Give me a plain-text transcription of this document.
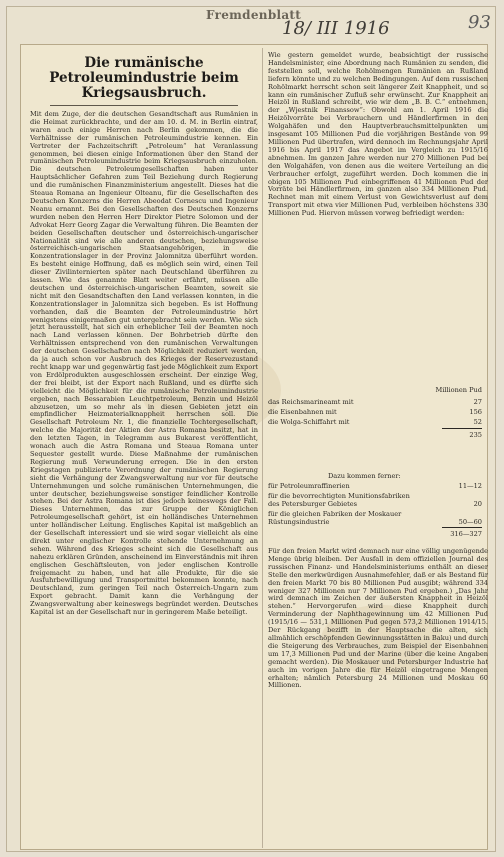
Fremdenblatt
18/ III 1916	93
Die rumänische Petroleumindustrie beim Kriegsausbruch.

Mit dem Zuge, der die deutschen Gesandtschaft aus Rumänien in die Heimat zurückbrachte, und der am 10. d. M. in Berlin eintraf, waren auch einige Herren nach Berlin gekommen, die die Verhältnisse der rumänischen Petroleumindustrie kennen. Ein Vertreter der Fachzeitschrift „Petroleum“ hat Veranlassung genommen, bei diesen einige Informationen über den Stand der rumänischen Petroleumindustrie beim Kriegsausbruch einzuholen. Die deutschen Petroleumgesellschaften haben unter Hauptsächlicher Gefahren zum Teil Beziehung durch Regierung und die rumänischen Finanzministerium angestellt. Dieses hat die Steaua Romana an Ingenieur Olteanu, für die Gesellschaften des Deutschen Konzerns die Herren Abeodat Cornescu und Ingenieur Neanu ernannt. Bei den Gesellschaften des Deutschen Konzerns wurden neben den Herren Herr Direktor Pietre Solomon und der Advokat Herr Georg Zagar die Verwaltung führen. Die Beamten der beiden Gesellschaften deutscher und österreichisch-ungarischer Nationalität sind wie alle anderen deutschen, beziehungsweise österreichisch-ungarischen Staatsangehörigen, in die Konzentrationslager in der Provinz Jalomnitza überführt worden. Es besteht einige Hoffnung, daß es möglich sein wird, einen Teil dieser Zivilinternierten später nach Deutschland überführen zu lassen. Wie das genannte Blatt weiter erfährt, müssen alle deutschen und österreichisch-ungarischen Beamten, soweit sie nicht mit den Gesandtschaften den Land verlassen konnten, in die Konzentrationslager in Jalomnitza sich begeben. Es ist Hoffnung vorhanden, daß die Beamten der Petroleumindustrie hört wenigstens einigermaßen gut untergebracht sein werden. Wie sich jetzt herausstellt, hat sich ein erheblicher Teil der Beamten noch nach Land verlassen können. Der Bohrbetrieb dürfte den Verhältnissen entsprechend von den rumänischen Verwaltungen der deutschen Gesellschaften nach Möglichkeit reduziert werden, da ja auch schon vor Ausbruch des Krieges der Reservezustand recht knapp war und gegenwärtig fast jede Möglichkeit zum Export von Erdölprodukten ausgeschlossen erscheint. Der einzige Weg, der frei bleibt, ist der Export nach Rußland, und es dürfte sich vielleicht die Möglichkeit für die rumänische Petroleumindustrie ergeben, nach Bessarabien Leuchtpetroleum, Benzin und Heizöl abzusetzen, um so mehr als in diesen Gebieten jetzt ein empfindlicher Heizmaterialknappheit herrschen soll. Die Gesellschaft Petroleum Nr. 1, die finanzielle Tochtergesellschaft, welche die Majorität der Aktien der Astra Romana besitzt, hat in den letzten Tagen, in Telegramm aus Bukarest veröffentlicht, wonach auch die Astra Romana und Steaua Romana unter Sequester gestellt wurde. Diese Maßnahme der rumänischen Regierung muß Verwunderung erregen. Die in den ersten Kriegstagen publizierte Verordnung der rumänischen Regierung sieht die Verhängung der Zwangsverwaltung nur vor für deutsche Unternehmungen und solche rumänischen Unternehmungen, die unter deutscher, beziehungsweise sonstiger feindlicher Kontrolle stehen. Bei der Astra Romana ist dies jedoch keineswegs der Fall. Dieses Unternehmen, das zur Gruppe der Königlichen Petroleumgesellschaft gehört, ist ein holländisches Unternehmen unter holländischer Leitung. Englisches Kapital ist maßgeblich an der Gesellschaft interessiert und sie wird sogar vielleicht als eine direkt unter englischer Kontrolle stehende Unternehmung an sehen. Während des Krieges scheint sich die Gesellschaft aus nahezu erklären Gründen, anscheinend im Einverständnis mit ihren englischen Geschäftsleuten, von jeder englischen Kontrolle freigemacht zu haben, und hat alle Produkte, für die sie Ausfuhrbewilligung und Transportmittel bekommen konnte, nach Deutschland, zum geringen Teil nach Österreich-Ungarn zum Export gebracht. Damit kann die Verhängung der Zwangsverwaltung aber keineswegs begründet werden. Deutsches Kapital ist an der Gesellschaft nur in geringerem Maße beteiligt.

Wie gestern gemeldet wurde, beabsichtigt der russische Handelsminister, eine Abordnung nach Rumänien zu senden, die feststellen soll, welche Rohölmengen Rumänien an Rußland liefern könnte und zu welchen Bedingungen. Auf dem russischen Rohölmarkt herrscht schon seit längerer Zeit Knappheit, und so kann ein rumänischer Zufluß sehr erwünscht. Zur Knappheit an Heizöl in Rußland schreibt, wie wir dem „B. B. C.“ entnehmen, der „Wjestnik Finanssow“: Obwohl am 1. April 1916 die Heizölvorräte bei Verbrauchern und Händlerfirmen in den Wolgahäfen und den Hauptverbrauchsmittelpunkten um insgesamt 105 Millionen Pud die vorjährigen Bestände von 99 Millionen Pud übertrafen, wird dennoch im Rechnungsjahr April 1916 bis April 1917 das Angebot im Vergleich zu 1915/16 abnehmen. Im ganzen Jahre werden nur 270 Millionen Pud bei den Wolgahäfen, von denen aus die weitere Verteilung an die Verbraucher erfolgt, zugeführt werden. Doch kommen die in obigen 105 Millionen Pud einbegriffenen 41 Millionen Pud der Vorräte bei Händlerfirmen, im ganzen also 334 Millionen Pud. Rechnet man mit einem Verlust von Gewichtsverlust auf dem Transport mit etwa vier Millionen Pud, verbleiben höchstens 330 Millionen Pud. Hiervon müssen vorweg befriedigt werden:

Millionen Pud
das Reichsmarineamt mit	27
die Eisenbahnen mit	156
die Wolga-Schiffahrt mit	52
235
Dazu kommen ferner:
für Petroleumraffinerien	11—12
für die bevorrechtigten Munitionsfabriken des Petersburger Gebietes	20
für die gleichen Fabriken der Moskauer Rüstungsindustrie	50—60
316—327

Für den freien Markt wird demnach nur eine völlig ungenügende Menge übrig bleiben. Der Ausfall in dem offiziellen Journal des russischen Finanz- und Handelsministeriums enthält an dieser Stelle den merkwürdigen Ausnahmefehler, daß er als Bestand für den freien Markt 70 bis 80 Millionen Pud ausgibt; während 334 weniger 327 Millionen nur 7 Millionen Pud ergeben.) „Das Jahr wird demnach im Zeichen der äußersten Knappheit in Heizöl stehen.“ Hervorgerufen wird diese Knappheit durch Verminderung der Naphthagewinnung um 42 Millionen Pud (1915/16 — 531,1 Millionen Pud gegen 573,2 Millionen 1914/15. Der Rückgang bezifft in der Hauptsache die alten, sich allmählich erschöpfenden Gewinnungsstätten in Baku) und durch die Steigerung des Verbrauches, zum Beispiel der Eisenbahnen um 17,3 Millionen Pud und der Marine (über die keine Angaben gemacht werden). Die Moskauer und Petersburger Industrie hat auch im vorigen Jahre die für Heizöl eingetragene Mengen erhalten; nämlich Petersburg 24 Millionen und Moskau 60 Millionen.
